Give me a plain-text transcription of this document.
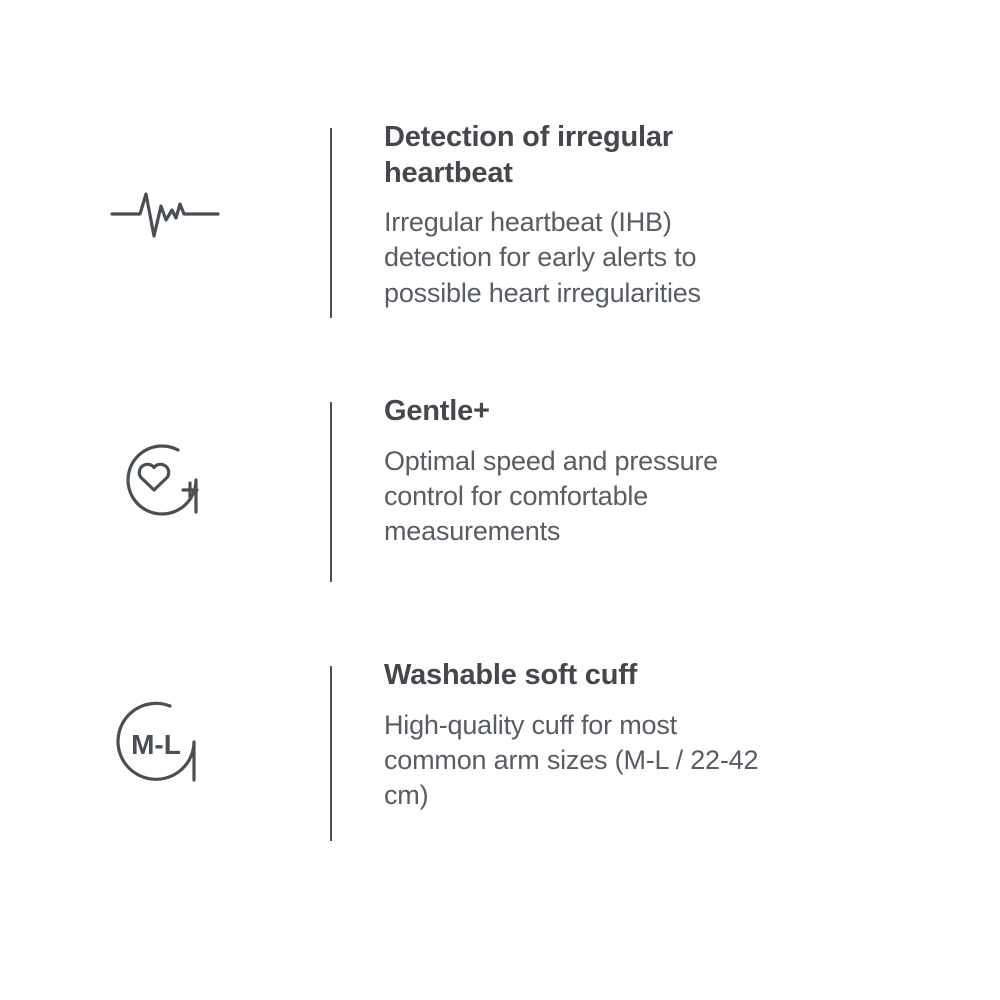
Detection of irregular heartbeat

Irregular heartbeat (IHB) detection for early alerts to possible heart irregularities

Gentle+

Optimal speed and pressure control for comfortable measurements

M-L

Washable soft cuff

High-quality cuff for most common arm sizes (M-L / 22-42 cm)
